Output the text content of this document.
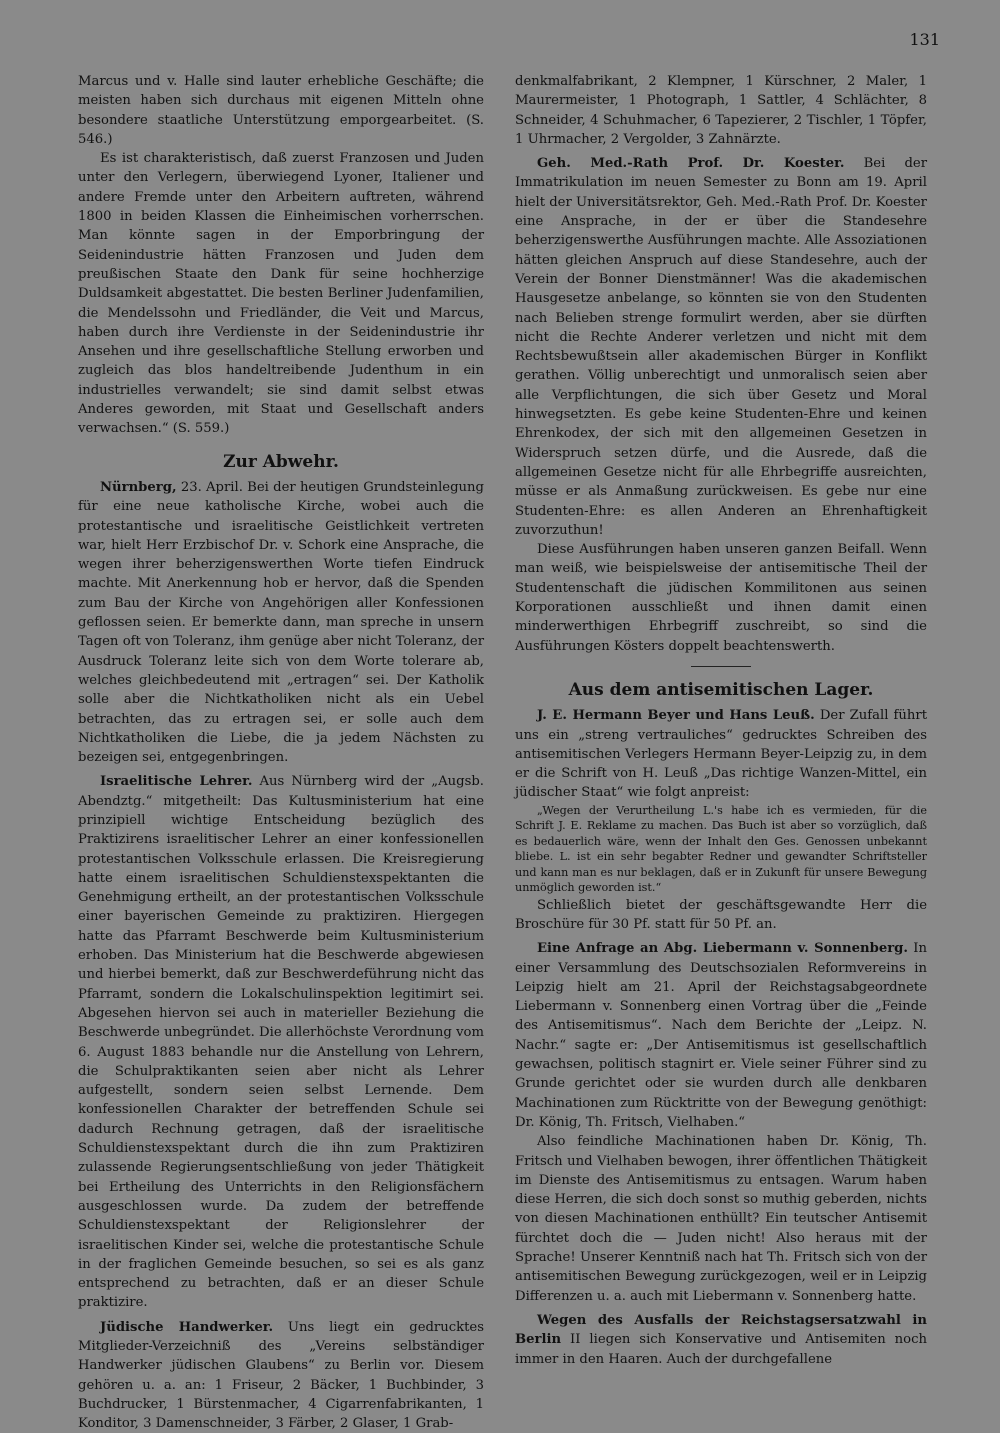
131

Marcus und v. Halle sind lauter erhebliche Geschäfte; die meisten haben sich durchaus mit eigenen Mitteln ohne besondere staatliche Unterstützung emporgearbeitet. (S. 546.)

Es ist charakteristisch, daß zuerst Franzosen und Juden unter den Verlegern, überwiegend Lyoner, Italiener und andere Fremde unter den Arbeitern auftreten, während 1800 in beiden Klassen die Einheimischen vorherrschen. Man könnte sagen in der Emporbringung der Seidenindustrie hätten Franzosen und Juden dem preußischen Staate den Dank für seine hochherzige Duldsamkeit abgestattet. Die besten Berliner Judenfamilien, die Mendelssohn und Friedländer, die Veit und Marcus, haben durch ihre Verdienste in der Seidenindustrie ihr Ansehen und ihre gesellschaftliche Stellung erworben und zugleich das blos handeltreibende Judenthum in ein industrielles verwandelt; sie sind damit selbst etwas Anderes geworden, mit Staat und Gesellschaft anders verwachsen.“ (S. 559.)

Zur Abwehr.

Nürnberg, 23. April. Bei der heutigen Grundsteinlegung für eine neue katholische Kirche, wobei auch die protestantische und israelitische Geistlichkeit vertreten war, hielt Herr Erzbischof Dr. v. Schork eine Ansprache, die wegen ihrer beherzigenswerthen Worte tiefen Eindruck machte. Mit Anerkennung hob er hervor, daß die Spenden zum Bau der Kirche von Angehörigen aller Konfessionen geflossen seien. Er bemerkte dann, man spreche in unsern Tagen oft von Toleranz, ihm genüge aber nicht Toleranz, der Ausdruck Toleranz leite sich von dem Worte tolerare ab, welches gleichbedeutend mit „ertragen“ sei. Der Katholik solle aber die Nichtkatholiken nicht als ein Uebel betrachten, das zu ertragen sei, er solle auch dem Nichtkatholiken die Liebe, die ja jedem Nächsten zu bezeigen sei, entgegenbringen.

Israelitische Lehrer. Aus Nürnberg wird der „Augsb. Abendztg.“ mitgetheilt: Das Kultusministerium hat eine prinzipiell wichtige Entscheidung bezüglich des Praktizirens israelitischer Lehrer an einer konfessionellen protestantischen Volksschule erlassen. Die Kreisregierung hatte einem israelitischen Schuldienstexspektanten die Genehmigung ertheilt, an der protestantischen Volksschule einer bayerischen Gemeinde zu praktiziren. Hiergegen hatte das Pfarramt Beschwerde beim Kultusministerium erhoben. Das Ministerium hat die Beschwerde abgewiesen und hierbei bemerkt, daß zur Beschwerdeführung nicht das Pfarramt, sondern die Lokalschulinspektion legitimirt sei. Abgesehen hiervon sei auch in materieller Beziehung die Beschwerde unbegründet. Die allerhöchste Verordnung vom 6. August 1883 behandle nur die Anstellung von Lehrern, die Schulpraktikanten seien aber nicht als Lehrer aufgestellt, sondern seien selbst Lernende. Dem konfessionellen Charakter der betreffenden Schule sei dadurch Rechnung getragen, daß der israelitische Schuldienstexspektant durch die ihn zum Praktiziren zulassende Regierungsentschließung von jeder Thätigkeit bei Ertheilung des Unterrichts in den Religionsfächern ausgeschlossen wurde. Da zudem der betreffende Schuldienstexspektant der Religionslehrer der israelitischen Kinder sei, welche die protestantische Schule in der fraglichen Gemeinde besuchen, so sei es als ganz entsprechend zu betrachten, daß er an dieser Schule praktizire.

Jüdische Handwerker. Uns liegt ein gedrucktes Mitglieder-Verzeichniß des „Vereins selbständiger Handwerker jüdischen Glaubens“ zu Berlin vor. Diesem gehören u. a. an: 1 Friseur, 2 Bäcker, 1 Buchbinder, 3 Buchdrucker, 1 Bürstenmacher, 4 Cigarrenfabrikanten, 1 Konditor, 3 Damenschneider, 3 Färber, 2 Glaser, 1 Grab-

denkmalfabrikant, 2 Klempner, 1 Kürschner, 2 Maler, 1 Maurermeister, 1 Photograph, 1 Sattler, 4 Schlächter, 8 Schneider, 4 Schuhmacher, 6 Tapezierer, 2 Tischler, 1 Töpfer, 1 Uhrmacher, 2 Vergolder, 3 Zahnärzte.

Geh. Med.-Rath Prof. Dr. Koester. Bei der Immatrikulation im neuen Semester zu Bonn am 19. April hielt der Universitätsrektor, Geh. Med.-Rath Prof. Dr. Koester eine Ansprache, in der er über die Standesehre beherzigenswerthe Ausführungen machte. Alle Assoziationen hätten gleichen Anspruch auf diese Standesehre, auch der Verein der Bonner Dienstmänner! Was die akademischen Hausgesetze anbelange, so könnten sie von den Studenten nach Belieben strenge formulirt werden, aber sie dürften nicht die Rechte Anderer verletzen und nicht mit dem Rechtsbewußtsein aller akademischen Bürger in Konflikt gerathen. Völlig unberechtigt und unmoralisch seien aber alle Verpflichtungen, die sich über Gesetz und Moral hinwegsetzten. Es gebe keine Studenten-Ehre und keinen Ehrenkodex, der sich mit den allgemeinen Gesetzen in Widerspruch setzen dürfe, und die Ausrede, daß die allgemeinen Gesetze nicht für alle Ehrbegriffe ausreichten, müsse er als Anmaßung zurückweisen. Es gebe nur eine Studenten-Ehre: es allen Anderen an Ehrenhaftigkeit zuvorzuthun!

Diese Ausführungen haben unseren ganzen Beifall. Wenn man weiß, wie beispielsweise der antisemitische Theil der Studentenschaft die jüdischen Kommilitonen aus seinen Korporationen ausschließt und ihnen damit einen minderwerthigen Ehrbegriff zuschreibt, so sind die Ausführungen Kösters doppelt beachtenswerth.

Aus dem antisemitischen Lager.

J. E. Hermann Beyer und Hans Leuß. Der Zufall führt uns ein „streng vertrauliches“ gedrucktes Schreiben des antisemitischen Verlegers Hermann Beyer-Leipzig zu, in dem er die Schrift von H. Leuß „Das richtige Wanzen-Mittel, ein jüdischer Staat“ wie folgt anpreist:

„Wegen der Verurtheilung L.'s habe ich es vermieden, für die Schrift J. E. Reklame zu machen. Das Buch ist aber so vorzüglich, daß es bedauerlich wäre, wenn der Inhalt den Ges. Genossen unbekannt bliebe. L. ist ein sehr begabter Redner und gewandter Schriftsteller und kann man es nur beklagen, daß er in Zukunft für unsere Bewegung unmöglich geworden ist.“

Schließlich bietet der geschäftsgewandte Herr die Broschüre für 30 Pf. statt für 50 Pf. an.

Eine Anfrage an Abg. Liebermann v. Sonnenberg. In einer Versammlung des Deutschsozialen Reformvereins in Leipzig hielt am 21. April der Reichstagsabgeordnete Liebermann v. Sonnenberg einen Vortrag über die „Feinde des Antisemitismus“. Nach dem Berichte der „Leipz. N. Nachr.“ sagte er: „Der Antisemitismus ist gesellschaftlich gewachsen, politisch stagnirt er. Viele seiner Führer sind zu Grunde gerichtet oder sie wurden durch alle denkbaren Machinationen zum Rücktritte von der Bewegung genöthigt: Dr. König, Th. Fritsch, Vielhaben.“

Also feindliche Machinationen haben Dr. König, Th. Fritsch und Vielhaben bewogen, ihrer öffentlichen Thätigkeit im Dienste des Antisemitismus zu entsagen. Warum haben diese Herren, die sich doch sonst so muthig geberden, nichts von diesen Machinationen enthüllt? Ein teutscher Antisemit fürchtet doch die — Juden nicht! Also heraus mit der Sprache! Unserer Kenntniß nach hat Th. Fritsch sich von der antisemitischen Bewegung zurückgezogen, weil er in Leipzig Differenzen u. a. auch mit Liebermann v. Sonnenberg hatte.

Wegen des Ausfalls der Reichstagsersatzwahl in Berlin II liegen sich Konservative und Antisemiten noch immer in den Haaren. Auch der durchgefallene
